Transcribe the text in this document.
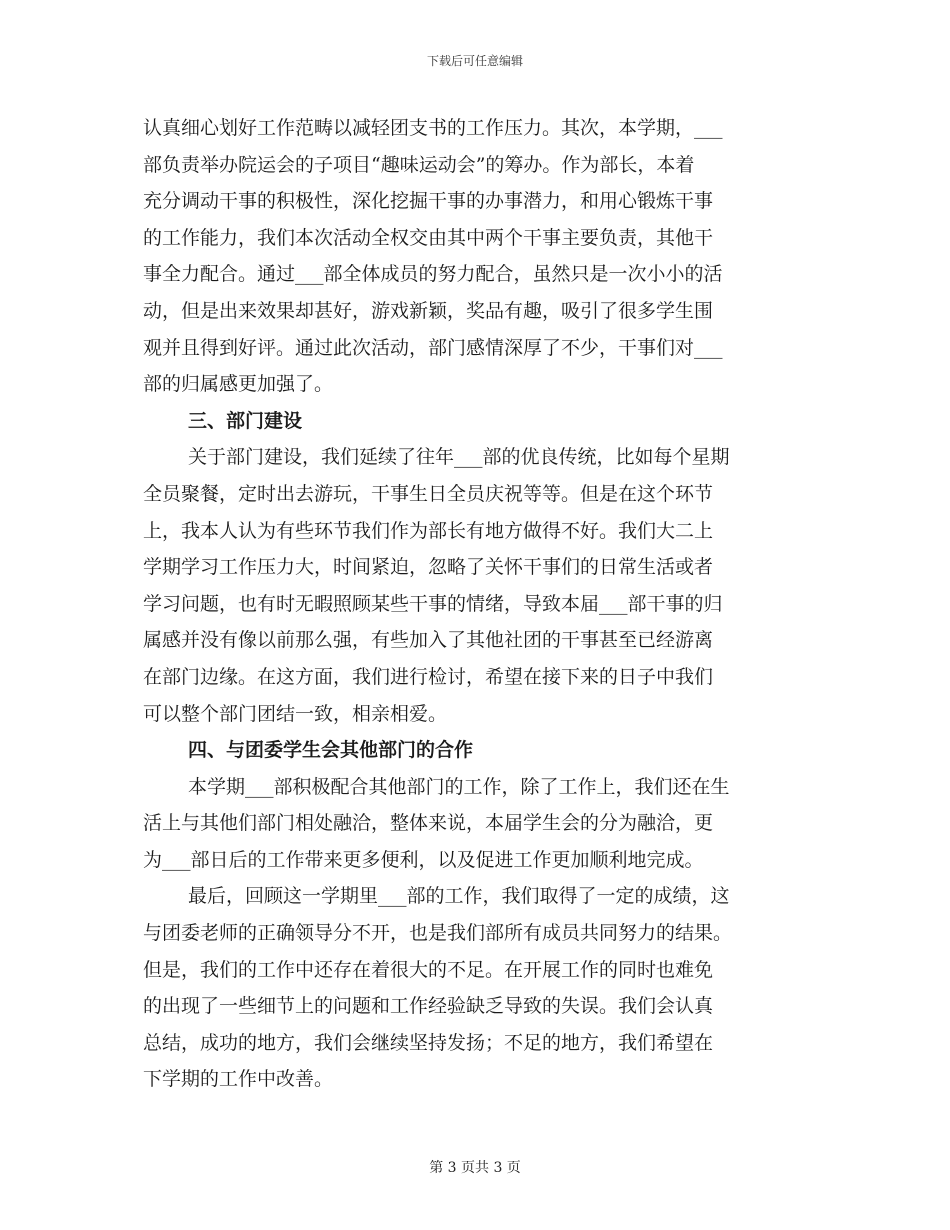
下载后可任意编辑
认真细心划好工作范畴以减轻团支书的工作压力。其次，本学期，___
部负责举办院运会的子项目“趣味运动会”的筹办。作为部长，本着
充分调动干事的积极性，深化挖掘干事的办事潜力，和用心锻炼干事
的工作能力，我们本次活动全权交由其中两个干事主要负责，其他干
事全力配合。通过___部全体成员的努力配合，虽然只是一次小小的活
动，但是出来效果却甚好，游戏新颖，奖品有趣，吸引了很多学生围
观并且得到好评。通过此次活动，部门感情深厚了不少，干事们对___
部的归属感更加强了。
三、部门建设
关于部门建设，我们延续了往年___部的优良传统，比如每个星期
全员聚餐，定时出去游玩，干事生日全员庆祝等等。但是在这个环节
上，我本人认为有些环节我们作为部长有地方做得不好。我们大二上
学期学习工作压力大，时间紧迫，忽略了关怀干事们的日常生活或者
学习问题，也有时无暇照顾某些干事的情绪，导致本届___部干事的归
属感并没有像以前那么强，有些加入了其他社团的干事甚至已经游离
在部门边缘。在这方面，我们进行检讨，希望在接下来的日子中我们
可以整个部门团结一致，相亲相爱。
四、与团委学生会其他部门的合作
本学期___部积极配合其他部门的工作，除了工作上，我们还在生
活上与其他们部门相处融洽，整体来说，本届学生会的分为融洽，更
为___部日后的工作带来更多便利，以及促进工作更加顺利地完成。
最后，回顾这一学期里___部的工作，我们取得了一定的成绩，这
与团委老师的正确领导分不开，也是我们部所有成员共同努力的结果。
但是，我们的工作中还存在着很大的不足。在开展工作的同时也难免
的出现了一些细节上的问题和工作经验缺乏导致的失误。我们会认真
总结，成功的地方，我们会继续坚持发扬；不足的地方，我们希望在
下学期的工作中改善。
第 3 页共 3 页
